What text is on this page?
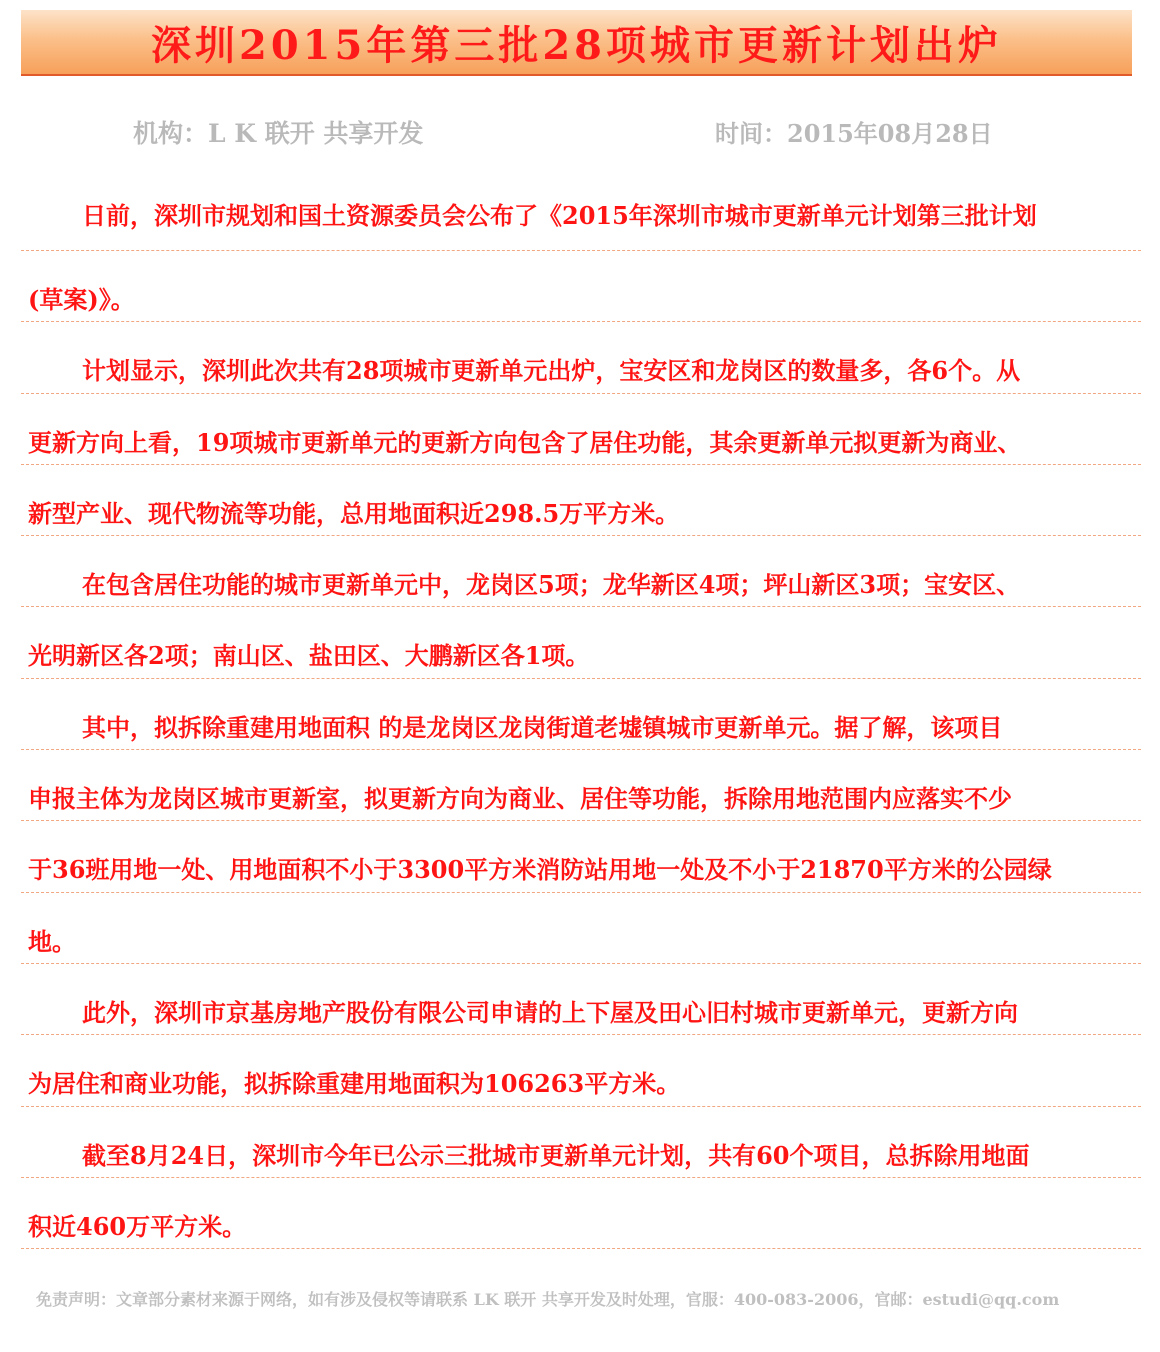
深圳2015年第三批28项城市更新计划出炉
机构：L K 联开 共享开发	时间：2015年08月28日
日前，深圳市规划和国土资源委员会公布了《2015年深圳市城市更新单元计划第三批计划
(草案)》。
计划显示，深圳此次共有28项城市更新单元出炉，宝安区和龙岗区的数量多，各6个。从
更新方向上看，19项城市更新单元的更新方向包含了居住功能，其余更新单元拟更新为商业、
新型产业、现代物流等功能，总用地面积近298.5万平方米。
在包含居住功能的城市更新单元中，龙岗区5项；龙华新区4项；坪山新区3项；宝安区、
光明新区各2项；南山区、盐田区、大鹏新区各1项。
其中，拟拆除重建用地面积 的是龙岗区龙岗街道老墟镇城市更新单元。据了解，该项目
申报主体为龙岗区城市更新室，拟更新方向为商业、居住等功能，拆除用地范围内应落实不少
于36班用地一处、用地面积不小于3300平方米消防站用地一处及不小于21870平方米的公园绿
地。
此外，深圳市京基房地产股份有限公司申请的上下屋及田心旧村城市更新单元，更新方向
为居住和商业功能，拟拆除重建用地面积为106263平方米。
截至8月24日，深圳市今年已公示三批城市更新单元计划，共有60个项目，总拆除用地面
积近460万平方米。
免责声明：文章部分素材来源于网络，如有涉及侵权等请联系 LK 联开 共享开发及时处理，官服：400-083-2006，官邮：estudi@qq.com
